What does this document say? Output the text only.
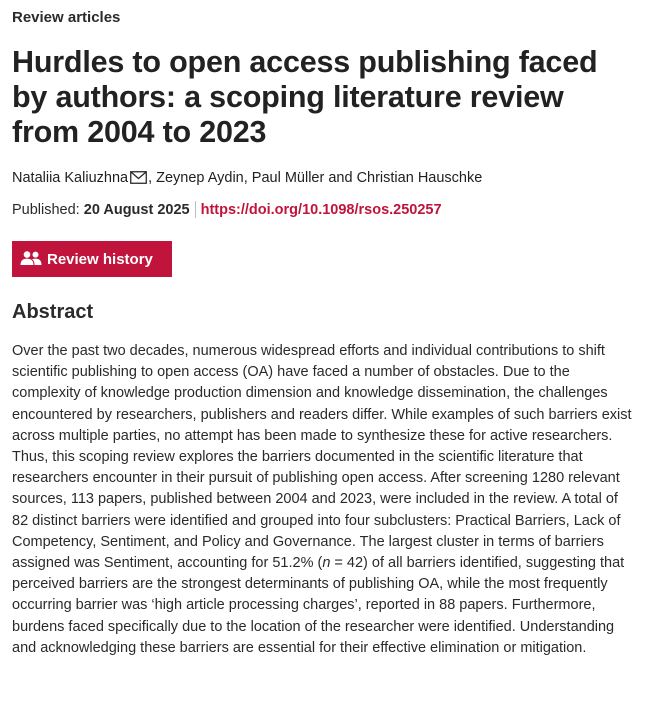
Review articles
Hurdles to open access publishing faced by authors: a scoping literature review from 2004 to 2023
Nataliia Kaliuzhna , Zeynep Aydin, Paul Müller and Christian Hauschke
Published: 20 August 2025 https://doi.org/10.1098/rsos.250257
Review history
Abstract

Over the past two decades, numerous widespread efforts and individual contributions to shift scientific publishing to open access (OA) have faced a number of obstacles. Due to the complexity of knowledge production dimension and knowledge dissemination, the challenges encountered by researchers, publishers and readers differ. While examples of such barriers exist across multiple parties, no attempt has been made to synthesize these for active researchers. Thus, this scoping review explores the barriers documented in the scientific literature that researchers encounter in their pursuit of publishing open access. After screening 1280 relevant sources, 113 papers, published between 2004 and 2023, were included in the review. A total of 82 distinct barriers were identified and grouped into four subclusters: Practical Barriers, Lack of Competency, Sentiment, and Policy and Governance. The largest cluster in terms of barriers assigned was Sentiment, accounting for 51.2% (n = 42) of all barriers identified, suggesting that perceived barriers are the strongest determinants of publishing OA, while the most frequently occurring barrier was ‘high article processing charges’, reported in 88 papers. Furthermore, burdens faced specifically due to the location of the researcher were identified. Understanding and acknowledging these barriers are essential for their effective elimination or mitigation.
